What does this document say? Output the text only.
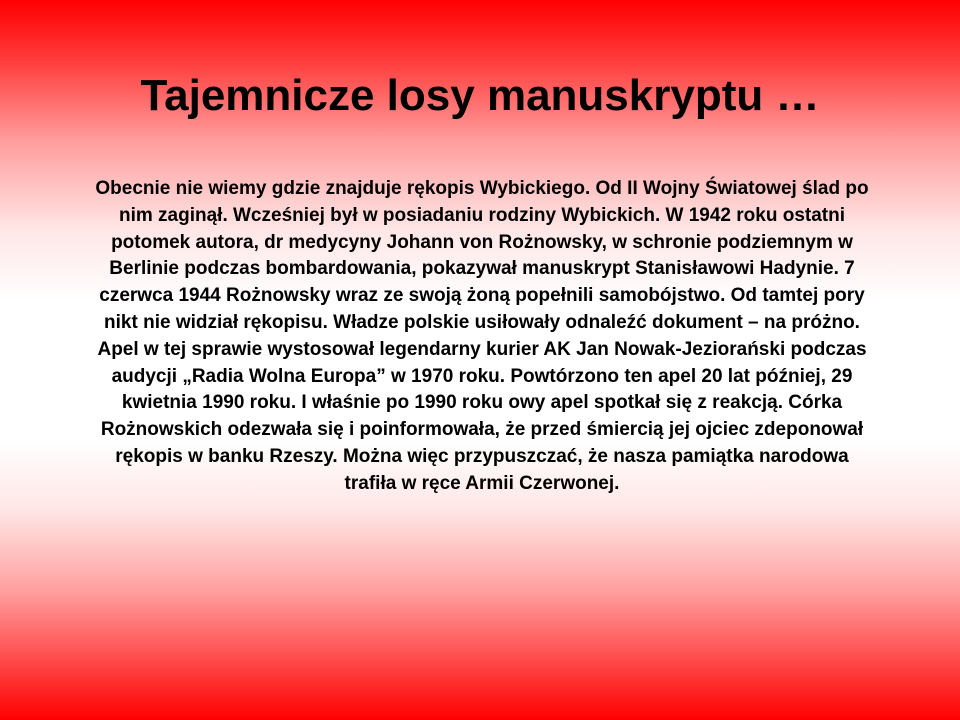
Tajemnicze losy manuskryptu …

Obecnie nie wiemy gdzie znajduje rękopis Wybickiego. Od II Wojny Światowej ślad po nim zaginął. Wcześniej był w posiadaniu rodziny Wybickich. W 1942 roku ostatni potomek autora, dr medycyny Johann von Rożnowsky, w schronie podziemnym w Berlinie podczas bombardowania, pokazywał manuskrypt Stanisławowi Hadynie. 7 czerwca 1944 Rożnowsky wraz ze swoją żoną popełnili samobójstwo. Od tamtej pory nikt nie widział rękopisu. Władze polskie usiłowały odnaleźć dokument – na próżno. Apel w tej sprawie wystosował legendarny kurier AK Jan Nowak-Jeziorański podczas audycji „Radia Wolna Europa” w 1970 roku. Powtórzono ten apel 20 lat później, 29 kwietnia 1990 roku. I właśnie po 1990 roku owy apel spotkał się z reakcją. Córka Rożnowskich odezwała się i poinformowała, że przed śmiercią jej ojciec zdeponował rękopis w banku Rzeszy. Można więc przypuszczać, że nasza pamiątka narodowa trafiła w ręce Armii Czerwonej.
